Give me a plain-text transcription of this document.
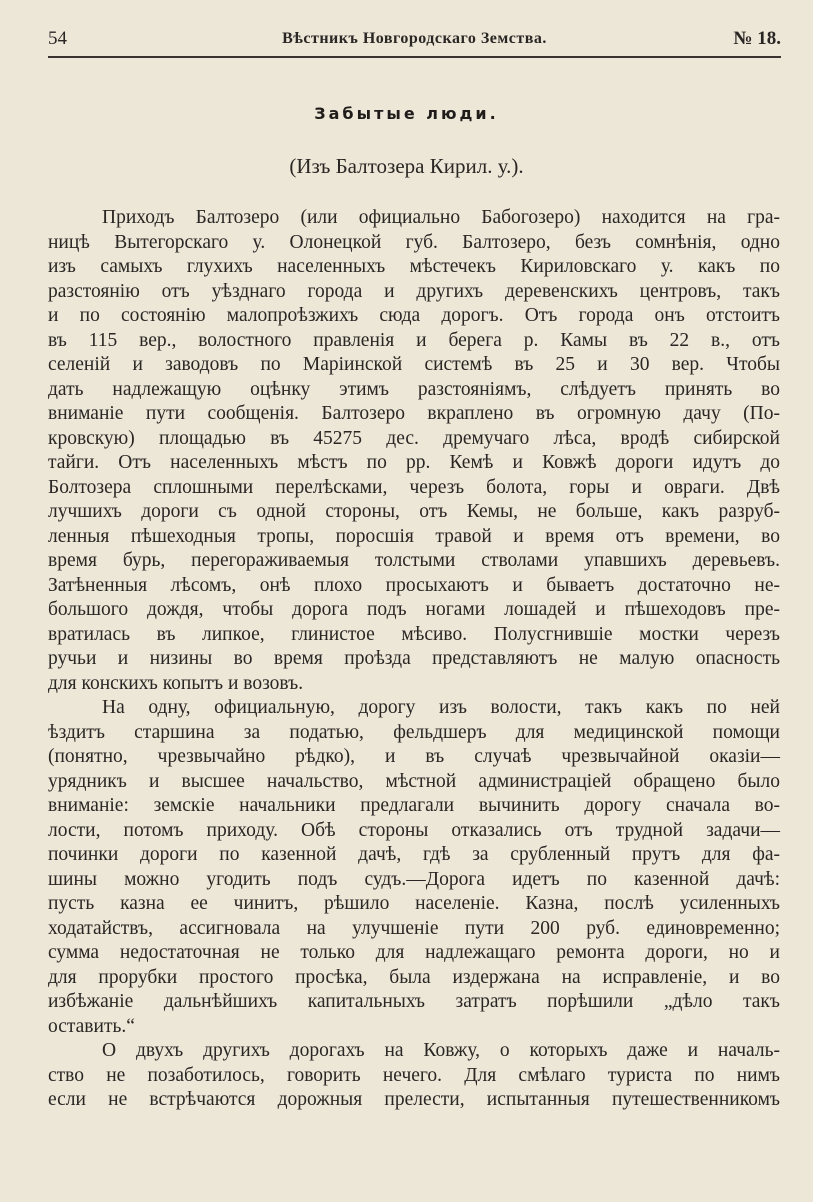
54	Вѣстникъ Новгородскаго Земства.	№ 18.
Забытые люди.
(Изъ Балтозера Кирил. у.).
Приходъ Балтозеро (или официально Бабогозеро) находится на гра-
ницѣ Вытегорскаго у. Олонецкой губ. Балтозеро, безъ сомнѣнія, одно
изъ самыхъ глухихъ населенныхъ мѣстечекъ Кириловскаго у. какъ по
разстоянію отъ уѣзднаго города и другихъ деревенскихъ центровъ, такъ
и по состоянію малопроѣзжихъ сюда дорогъ. Отъ города онъ отстоитъ
въ 115 вер., волостного правленія и берега р. Камы въ 22 в., отъ
селеній и заводовъ по Маріинской системѣ въ 25 и 30 вер. Чтобы
дать надлежащую оцѣнку этимъ разстояніямъ, слѣдуетъ принять во
вниманіе пути сообщенія. Балтозеро вкраплено въ огромную дачу (По-
кровскую) площадью въ 45275 дес. дремучаго лѣса, вродѣ сибирской
тайги. Отъ населенныхъ мѣстъ по рр. Кемѣ и Ковжѣ дороги идутъ до
Болтозера сплошными перелѣсками, черезъ болота, горы и овраги. Двѣ
лучшихъ дороги съ одной стороны, отъ Кемы, не больше, какъ разруб-
ленныя пѣшеходныя тропы, поросшія травой и время отъ времени, во
время бурь, перегораживаемыя толстыми стволами упавшихъ деревьевъ.
Затѣненныя лѣсомъ, онѣ плохо просыхаютъ и бываетъ достаточно не-
большого дождя, чтобы дорога подъ ногами лошадей и пѣшеходовъ пре-
вратилась въ липкое, глинистое мѣсиво. Полусгнившіе мостки черезъ
ручьи и низины во время проѣзда представляютъ не малую опасность
для конскихъ копытъ и возовъ.
На одну, официальную, дорогу изъ волости, такъ какъ по ней
ѣздитъ старшина за податью, фельдшеръ для медицинской помощи
(понятно, чрезвычайно рѣдко), и въ случаѣ чрезвычайной оказіи—
урядникъ и высшее начальство, мѣстной администраціей обращено было
вниманіе: земскіе начальники предлагали вычинить дорогу сначала во-
лости, потомъ приходу. Обѣ стороны отказались отъ трудной задачи—
починки дороги по казенной дачѣ, гдѣ за срубленный прутъ для фа-
шины можно угодить подъ судъ.—Дорога идетъ по казенной дачѣ:
пусть казна ее чинитъ, рѣшило населеніе. Казна, послѣ усиленныхъ
ходатайствъ, ассигновала на улучшеніе пути 200 руб. единовременно;
сумма недостаточная не только для надлежащаго ремонта дороги, но и
для прорубки простого просѣка, была издержана на исправленіе, и во
избѣжаніе дальнѣйшихъ капитальныхъ затратъ порѣшили „дѣло такъ
оставить.“
О двухъ другихъ дорогахъ на Ковжу, о которыхъ даже и началь-
ство не позаботилось, говорить нечего. Для смѣлаго туриста по нимъ
если не встрѣчаются дорожныя прелести, испытанныя путешественникомъ
